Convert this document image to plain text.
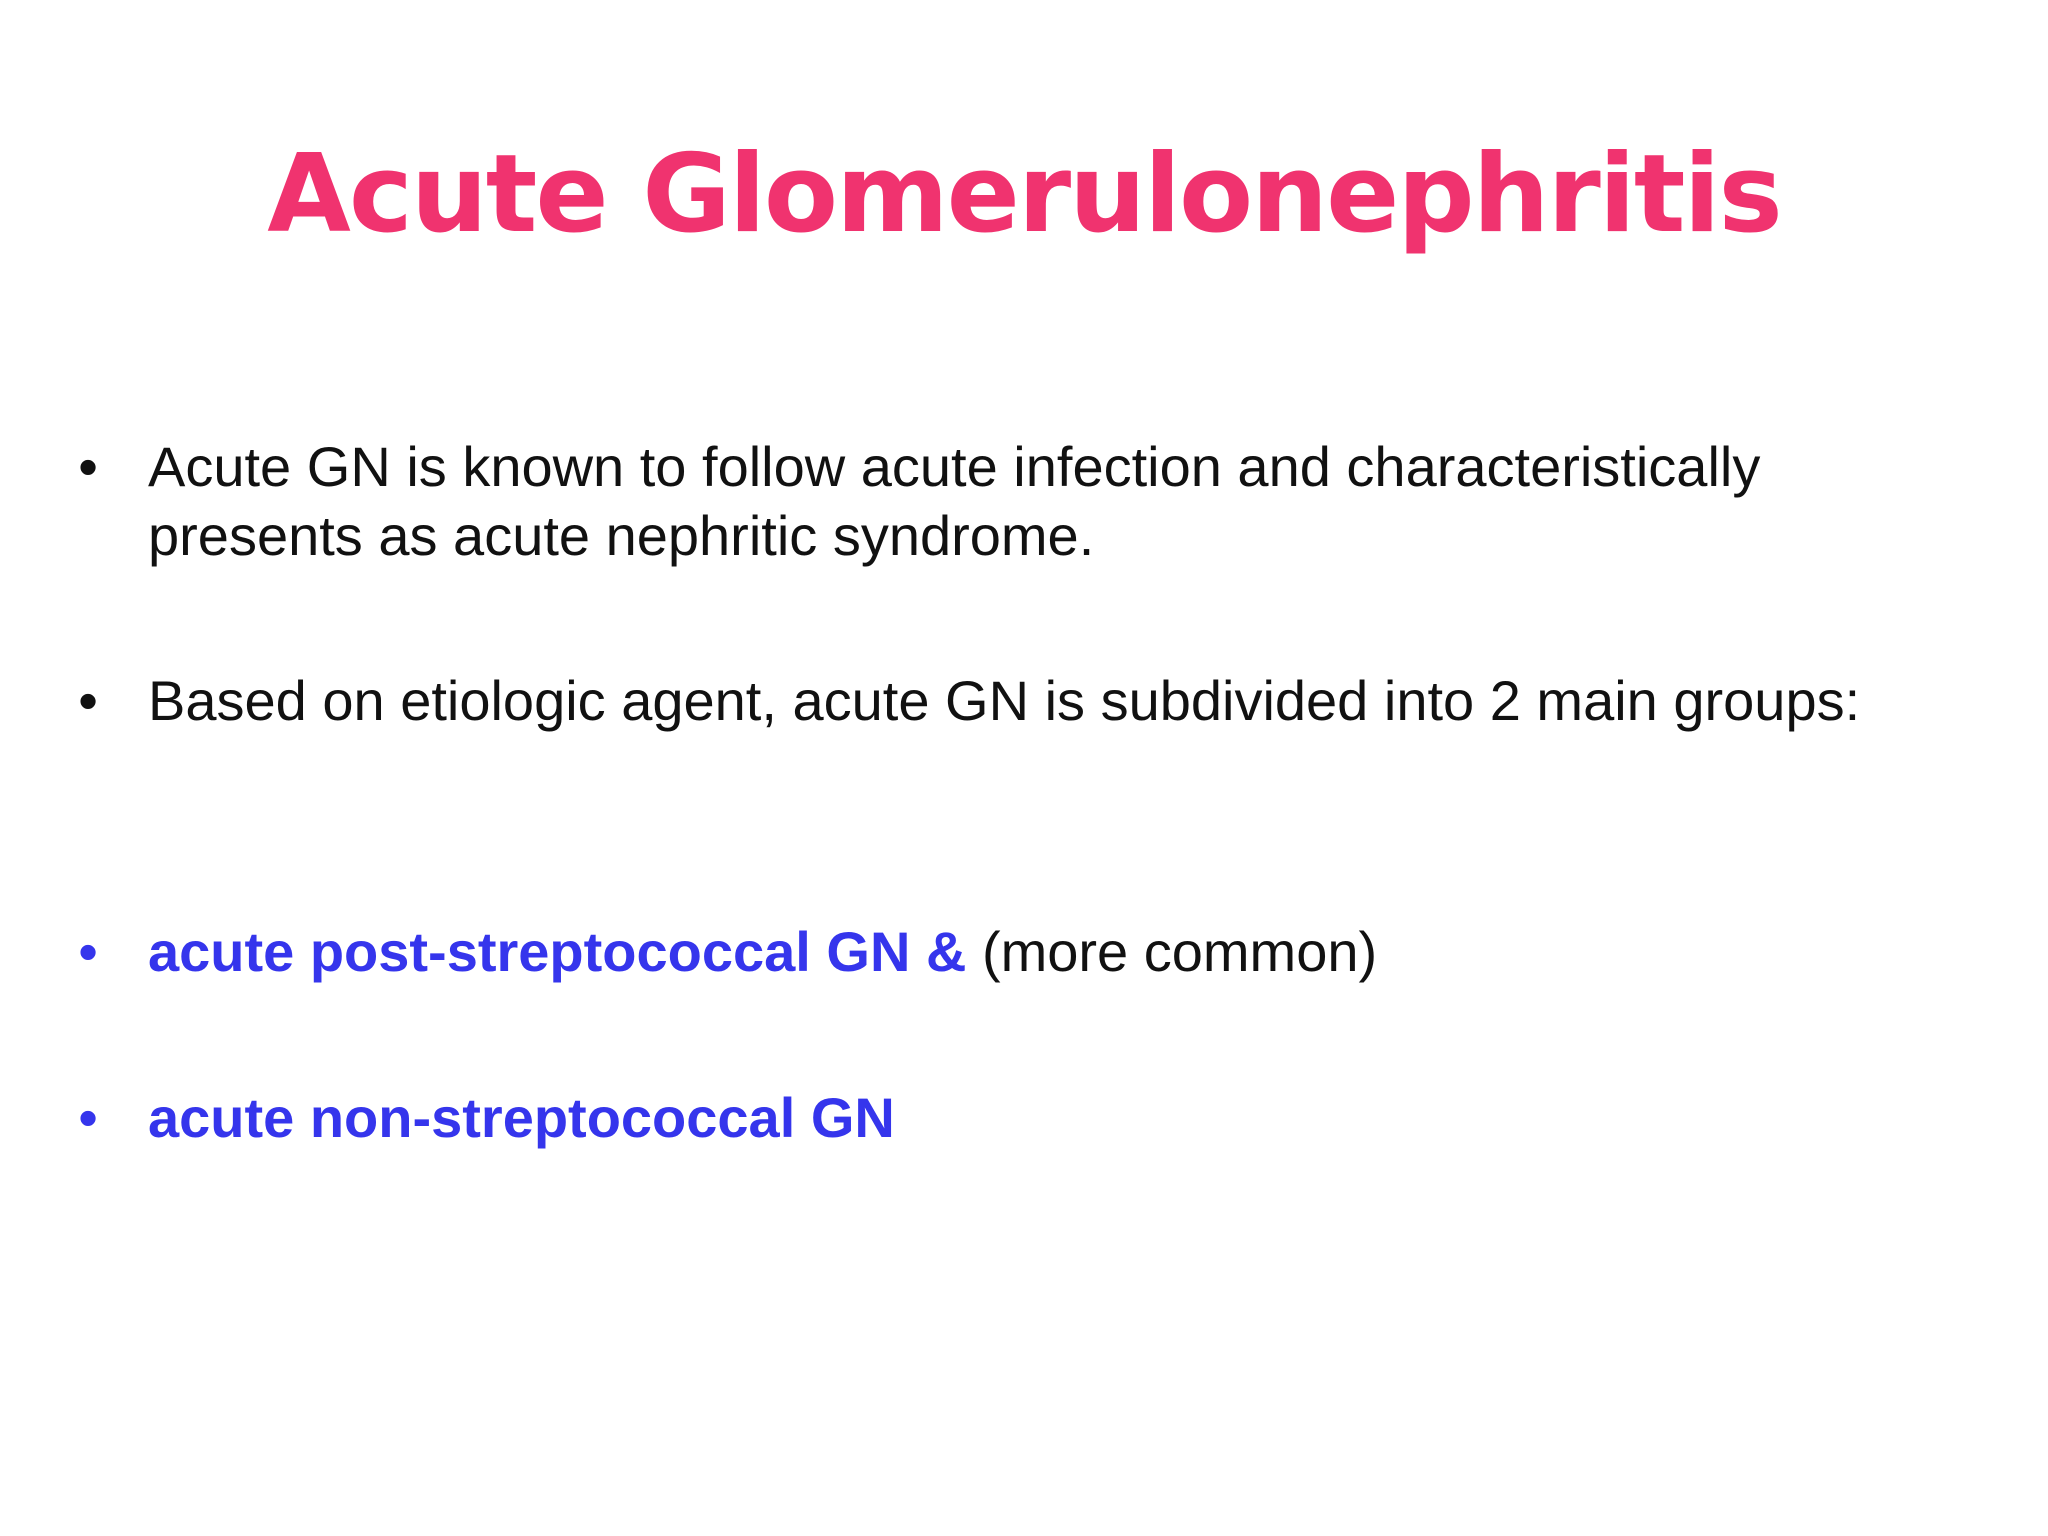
Acute Glomerulonephritis
• Acute GN is known to follow acute infection and characteristically
presents as acute nephritic syndrome.
• Based on etiologic agent, acute GN is subdivided into 2 main groups:
• acute post-streptococcal GN & (more common)
• acute non-streptococcal GN
